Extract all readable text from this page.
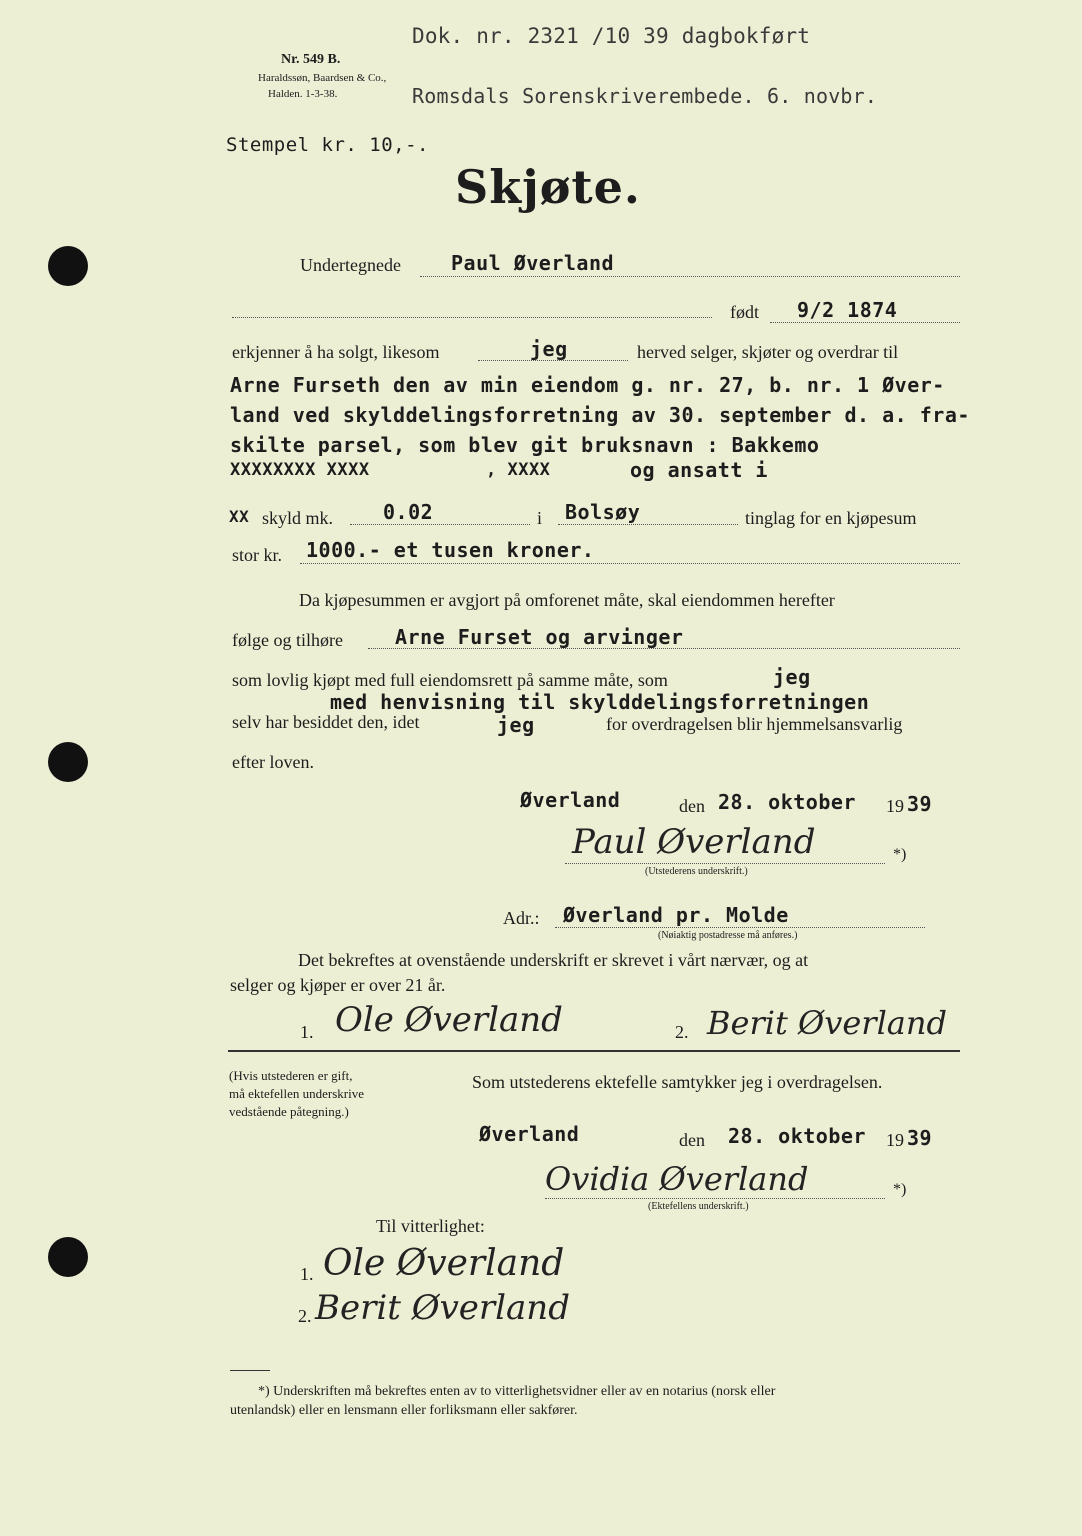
Nr. 549 B.
Haraldssøn, Baardsen & Co.,
Halden. 1-3-38.
Dok. nr. 2321 /10 39 dagbokført
Romsdals Sorenskriverembede. 6. novbr.
Stempel kr. 10,-.
Skjøte.
Undertegnede	Paul Øverland
født 9/2 1874
erkjenner å ha solgt, likesom	jeg	herved selger, skjøter og overdrar til
Arne Furseth den av min eiendom g. nr. 27, b. nr. 1 Øver-
land ved skylddelingsforretning av 30. september d. a. fra-
skilte parsel, som blev git bruksnavn : Bakkemo
XXXXXXXX XXXX	, XXXX	og ansatt i
XX skyld mk. 0.02	i Bolsøy	tinglag for en kjøpesum
stor kr. 1000.- et tusen kroner.
Da kjøpesummen er avgjort på omforenet måte, skal eiendommen herefter
følge og tilhøre	Arne Furset og arvinger
som lovlig kjøpt med full eiendomsrett på samme måte, som	jeg
med henvisning til skylddelingsforretningen
selv har besiddet den, idet	jeg	for overdragelsen blir hjemmelsansvarlig
efter loven.
Øverland	den 28. oktober 19 39
Paul Øverland	*)
(Utstederens underskrift.)
Adr.: Øverland pr. Molde
(Nøiaktig postadresse må anføres.)
Det bekreftes at ovenstående underskrift er skrevet i vårt nærvær, og at
selger og kjøper er over 21 år.
1. Ole Øverland	2. Berit Øverland
(Hvis utstederen er gift,
må ektefellen underskrive
vedstående påtegning.)
Som utstederens ektefelle samtykker jeg i overdragelsen.
Øverland	den 28. oktober 19 39
Ovidia Øverland	*)
(Ektefellens underskrift.)
Til vitterlighet:
1. Ole Øverland
2. Berit Øverland
*) Underskriften må bekreftes enten av to vitterlighetsvidner eller av en notarius (norsk eller
utenlandsk) eller en lensmann eller forliksmann eller sakfører.
